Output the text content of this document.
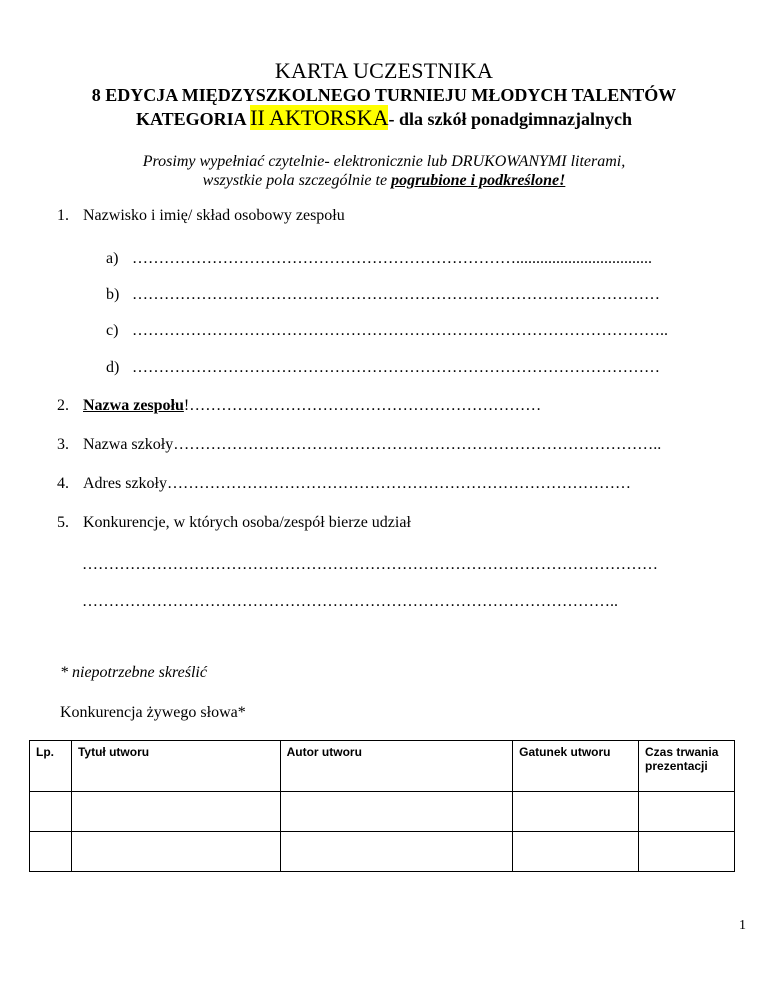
KARTA UCZESTNIKA
8 EDYCJA MIĘDZYSZKOLNEGO TURNIEJU MŁODYCH TALENTÓW
KATEGORIA II AKTORSKA- dla szkół ponadgimnazjalnych
Prosimy wypełniać czytelnie- elektronicznie lub DRUKOWANYMI literami,
wszystkie pola szczególnie te pogrubione i podkreślone!
1. Nazwisko i imię/ skład osobowy zespołu
a) ………………………………………………………………..................................
b) ………………………………………………………………………………………
c) ………………………………………………………………………………………..
d) ………………………………………………………………………………………
2. Nazwa zespołu!…………………………………………………………
3. Nazwa szkoły………………………………………………………………………………..
4. Adres szkoły……………………………………………………………………………
5. Konkurencje, w których osoba/zespół bierze udział
………………………………………………………………………………………………
………………………………………………………………………………………..
* niepotrzebne skreślić
Konkurencja żywego słowa*
Lp.	Tytuł utworu	Autor utworu	Gatunek utworu	Czas trwania prezentacji

1
